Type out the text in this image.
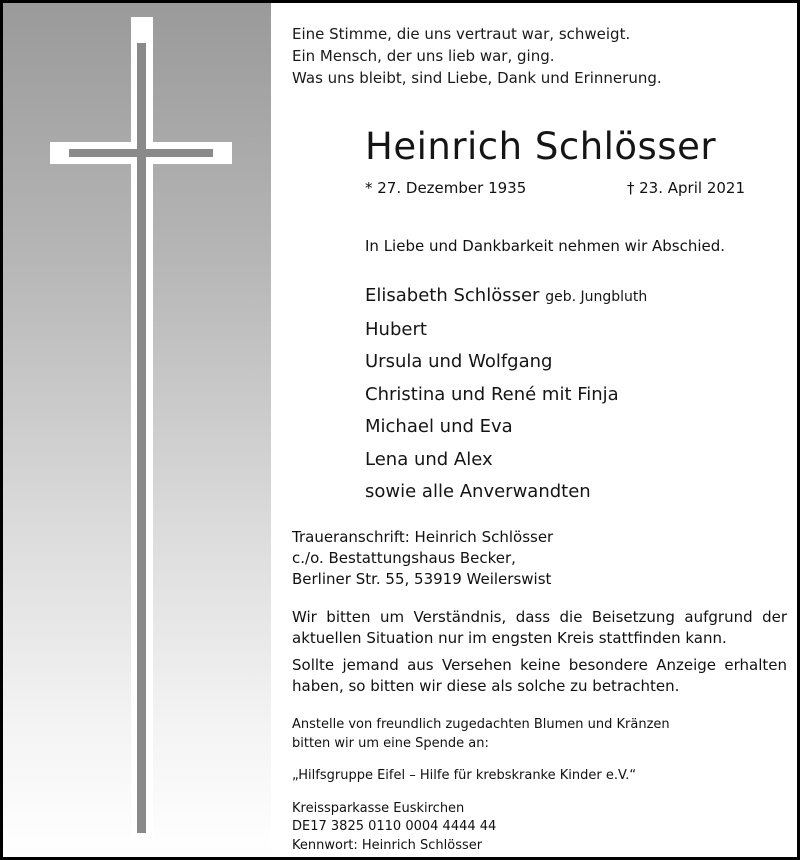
Eine Stimme, die uns vertraut war, schweigt.
Ein Mensch, der uns lieb war, ging.
Was uns bleibt, sind Liebe, Dank und Erinnerung.
Heinrich Schlösser
* 27. Dezember 1935	† 23. April 2021
In Liebe und Dankbarkeit nehmen wir Abschied.
Elisabeth Schlösser geb. Jungbluth
Hubert
Ursula und Wolfgang
Christina und René mit Finja
Michael und Eva
Lena und Alex
sowie alle Anverwandten
Traueranschrift: Heinrich Schlösser
c./o. Bestattungshaus Becker,
Berliner Str. 55, 53919 Weilerswist

Wir bitten um Verständnis, dass die Beisetzung aufgrund der aktuellen Situation nur im engsten Kreis stattfinden kann.

Sollte jemand aus Versehen keine besondere Anzeige erhalten haben, so bitten wir diese als solche zu betrachten.

Anstelle von freundlich zugedachten Blumen und Kränzen
bitten wir um eine Spende an:
„Hilfsgruppe Eifel – Hilfe für krebskranke Kinder e.V.“
Kreissparkasse Euskirchen
DE17 3825 0110 0004 4444 44
Kennwort: Heinrich Schlösser
